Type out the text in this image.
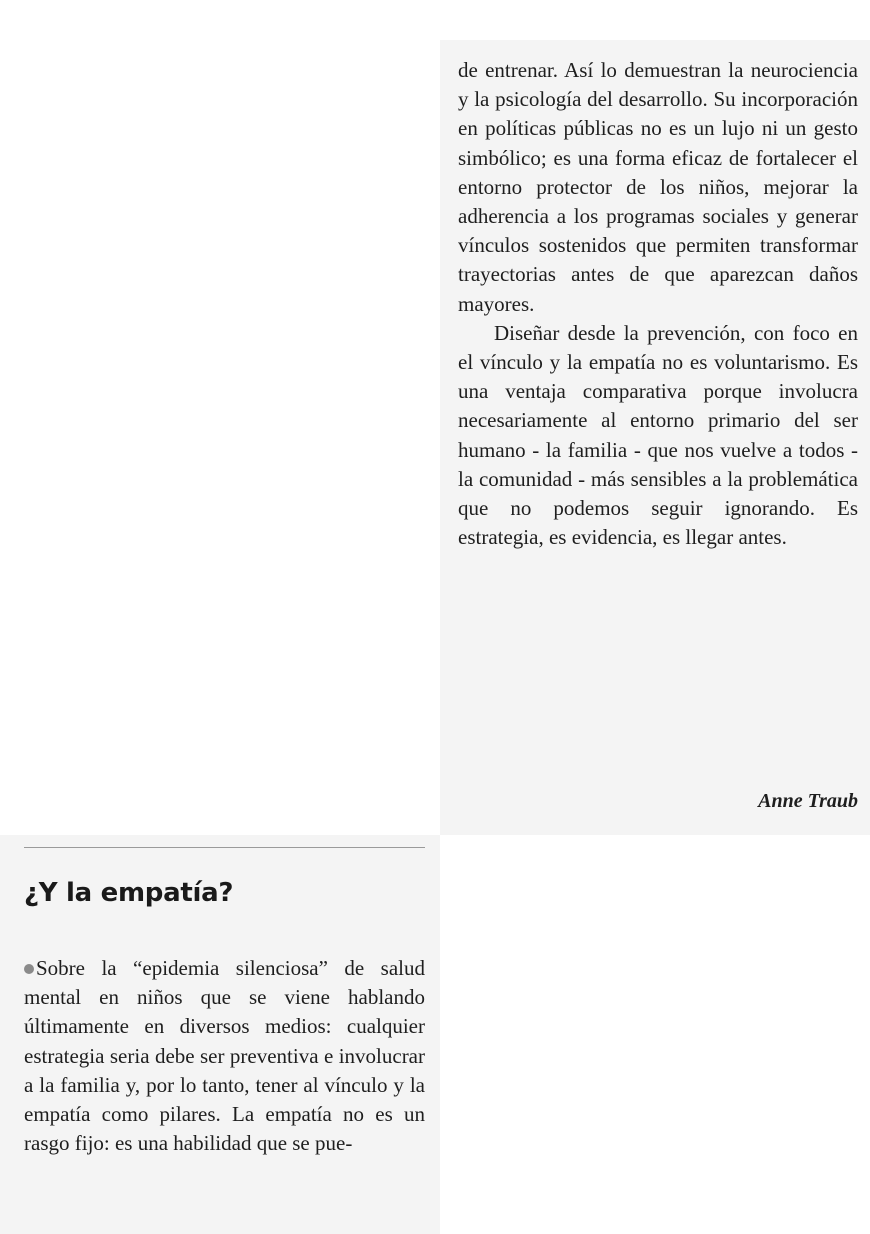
de entrenar. Así lo demuestran la neurociencia y la psicología del desarrollo. Su incorporación en políticas públicas no es un lujo ni un gesto simbólico; es una forma eficaz de fortalecer el entorno protector de los niños, mejorar la adherencia a los programas sociales y generar vínculos sostenidos que permiten transformar trayectorias antes de que aparezcan daños mayores.

Diseñar desde la prevención, con foco en el vínculo y la empatía no es voluntarismo. Es una ventaja comparativa porque involucra necesariamente al entorno primario del ser humano - la familia - que nos vuelve a todos - la comunidad - más sensibles a la problemática que no podemos seguir ignorando. Es estrategia, es evidencia, es llegar antes.

Anne Traub
¿Y la empatía?

Sobre la “epidemia silenciosa” de salud mental en niños que se viene hablando últimamente en diversos medios: cualquier estrategia seria debe ser preventiva e involucrar a la familia y, por lo tanto, tener al vínculo y la empatía como pilares. La empatía no es un rasgo fijo: es una habilidad que se pue-
